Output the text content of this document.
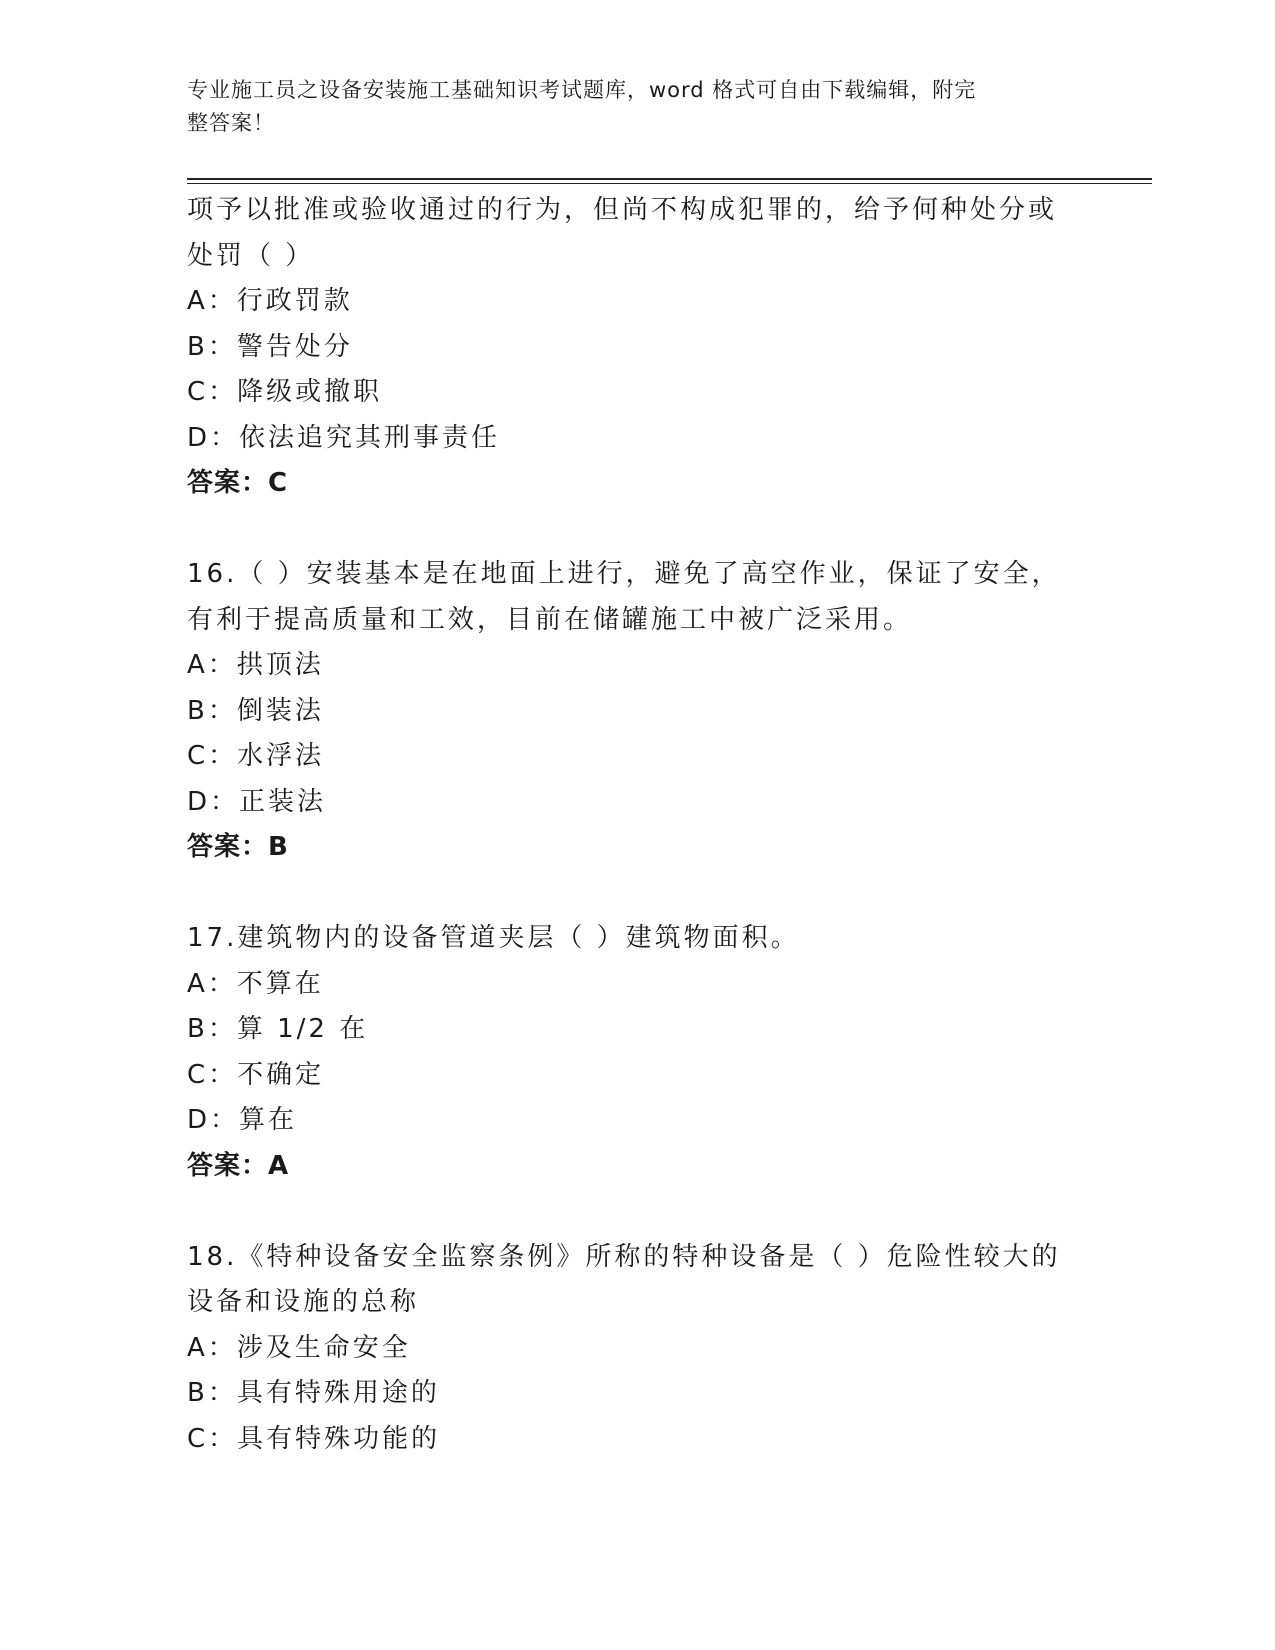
专业施工员之设备安装施工基础知识考试题库，word 格式可自由下载编辑，附完
整答案！
项予以批准或验收通过的行为，但尚不构成犯罪的，给予何种处分或
处罚（ ）
A：行政罚款
B：警告处分
C：降级或撤职
D：依法追究其刑事责任
答案：C
16.（ ）安装基本是在地面上进行，避免了高空作业，保证了安全，
有利于提高质量和工效，目前在储罐施工中被广泛采用。
A：拱顶法
B：倒装法
C：水浮法
D：正装法
答案：B
17.建筑物内的设备管道夹层（ ）建筑物面积。
A：不算在
B：算 1/2 在
C：不确定
D：算在
答案：A
18.《特种设备安全监察条例》所称的特种设备是（ ）危险性较大的
设备和设施的总称
A：涉及生命安全
B：具有特殊用途的
C：具有特殊功能的
